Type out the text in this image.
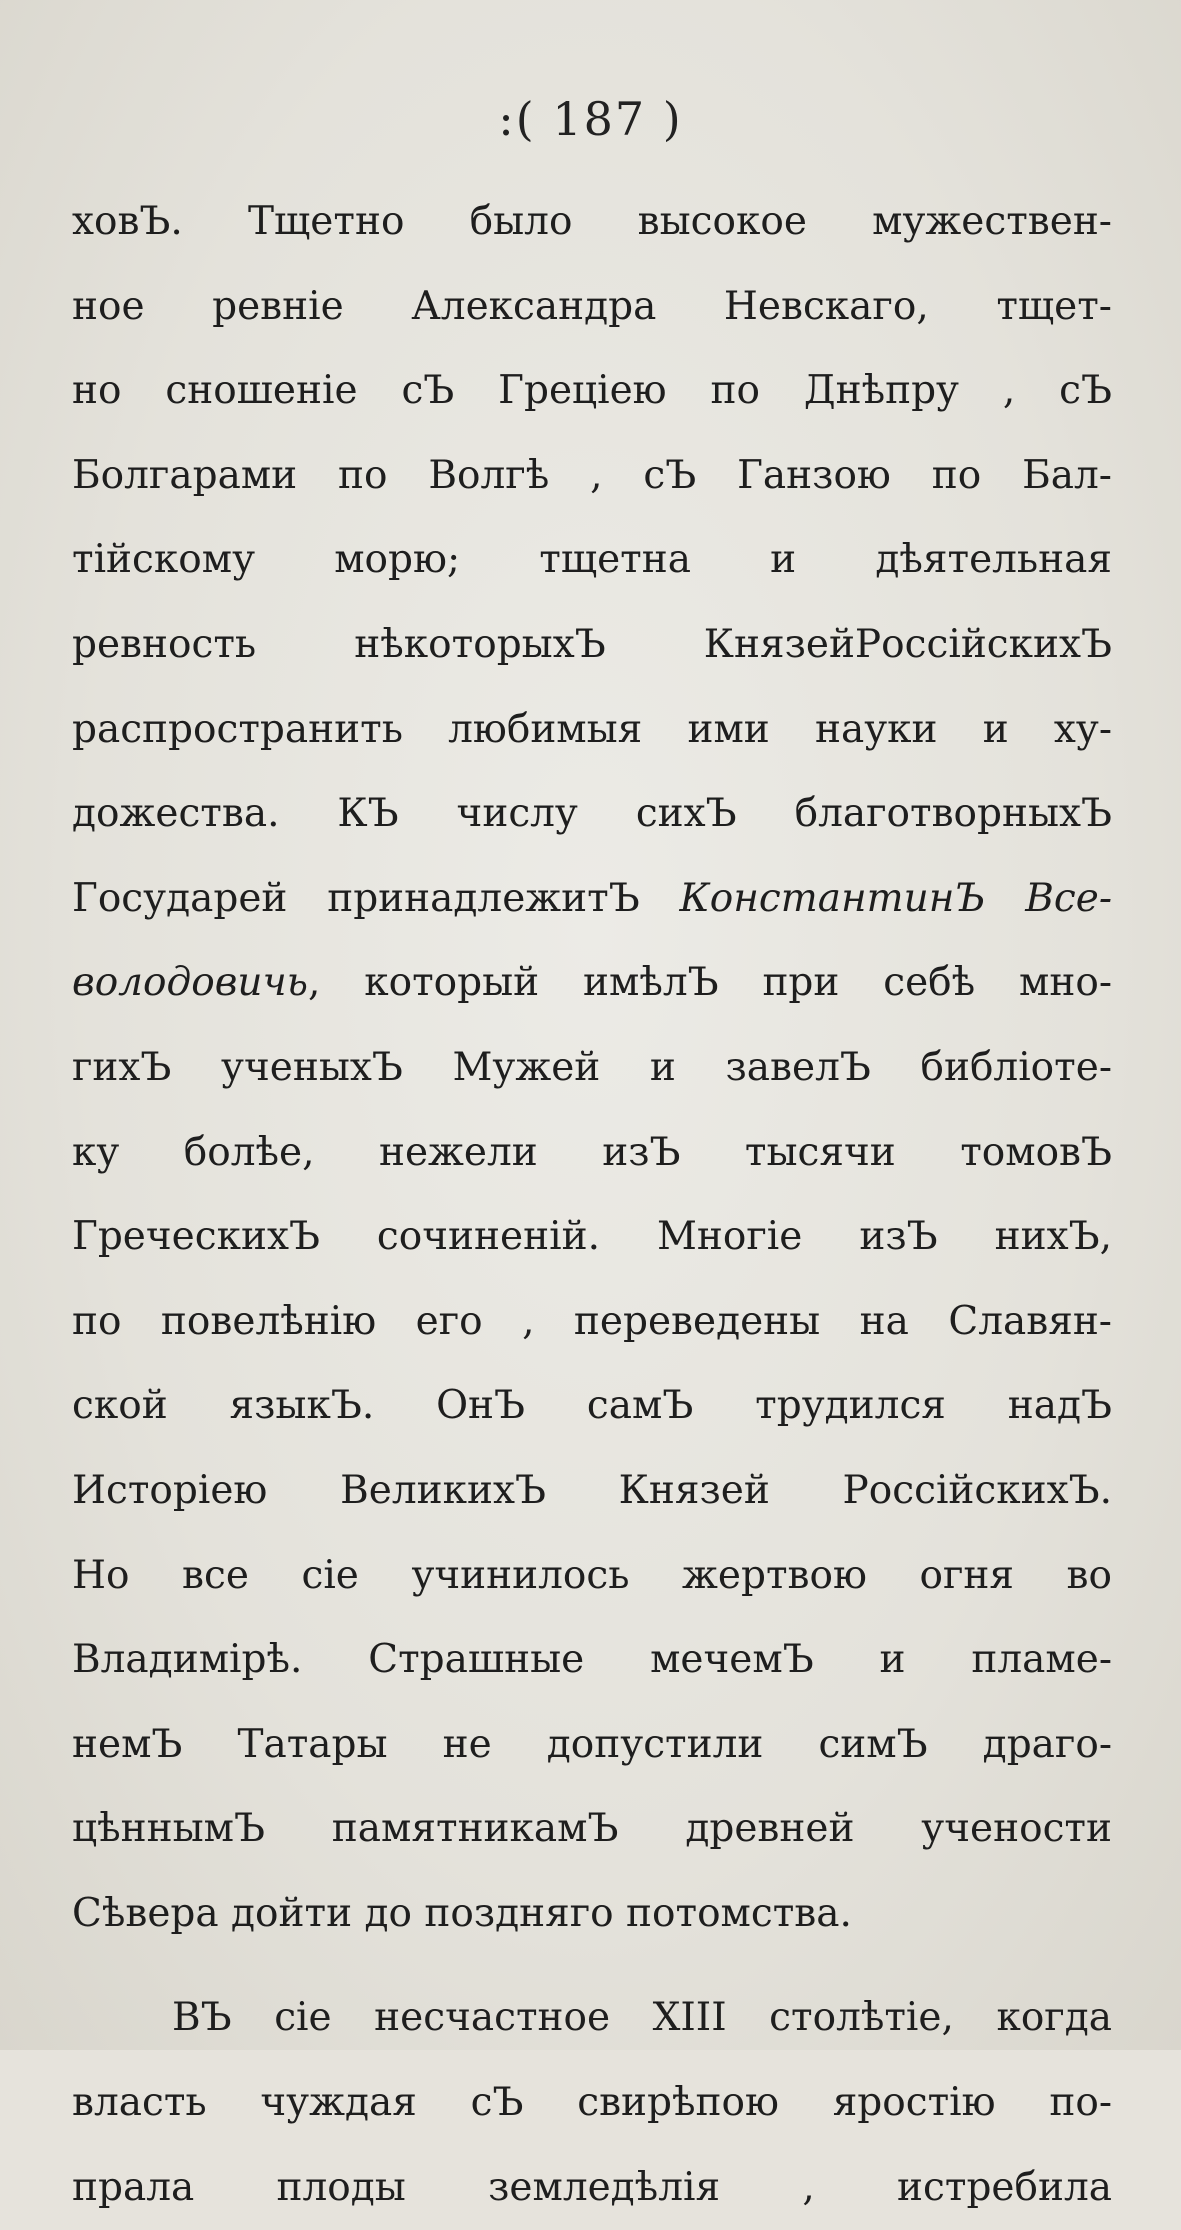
:( 187 )
ховЪ. Тщетно было высокое мужествен-
ное ревніе Александра Невскаго, тщет-
но сношеніе сЪ Греціею по Днѣпру , сЪ
Болгарами по Волгѣ , сЪ Ганзою по Бал-
тійскому морю; тщетна и дѣятельная
ревность нѣкоторыхЪ КнязейРоссійскихЪ
распространить любимыя ими науки и ху-
дожества. КЪ числу сихЪ благотворныхЪ
Государей принадлежитЪ КонстантинЪ Все-
володовичь, который имѣлЪ при себѣ мно-
гихЪ ученыхЪ Мужей и завелЪ библіоте-
ку болѣе, нежели изЪ тысячи томовЪ
ГреческихЪ сочиненій. Многіе изЪ нихЪ,
по повелѣнію его , переведены на Славян-
ской языкЪ. ОнЪ самЪ трудился надЪ
Исторіею ВеликихЪ Князей РоссійскихЪ.
Но все сіе учинилось жертвою огня во
Владимірѣ. Страшные мечемЪ и пламе-
немЪ Татары не допустили симЪ драго-
цѣннымЪ памятникамЪ древней учености
Сѣвера дойти до поздняго потомства.
ВЪ сіе несчастное XIII столѣтіе, когда
власть чуждая сЪ свирѣпою яростію по-
прала плоды земледѣлія , истребила
